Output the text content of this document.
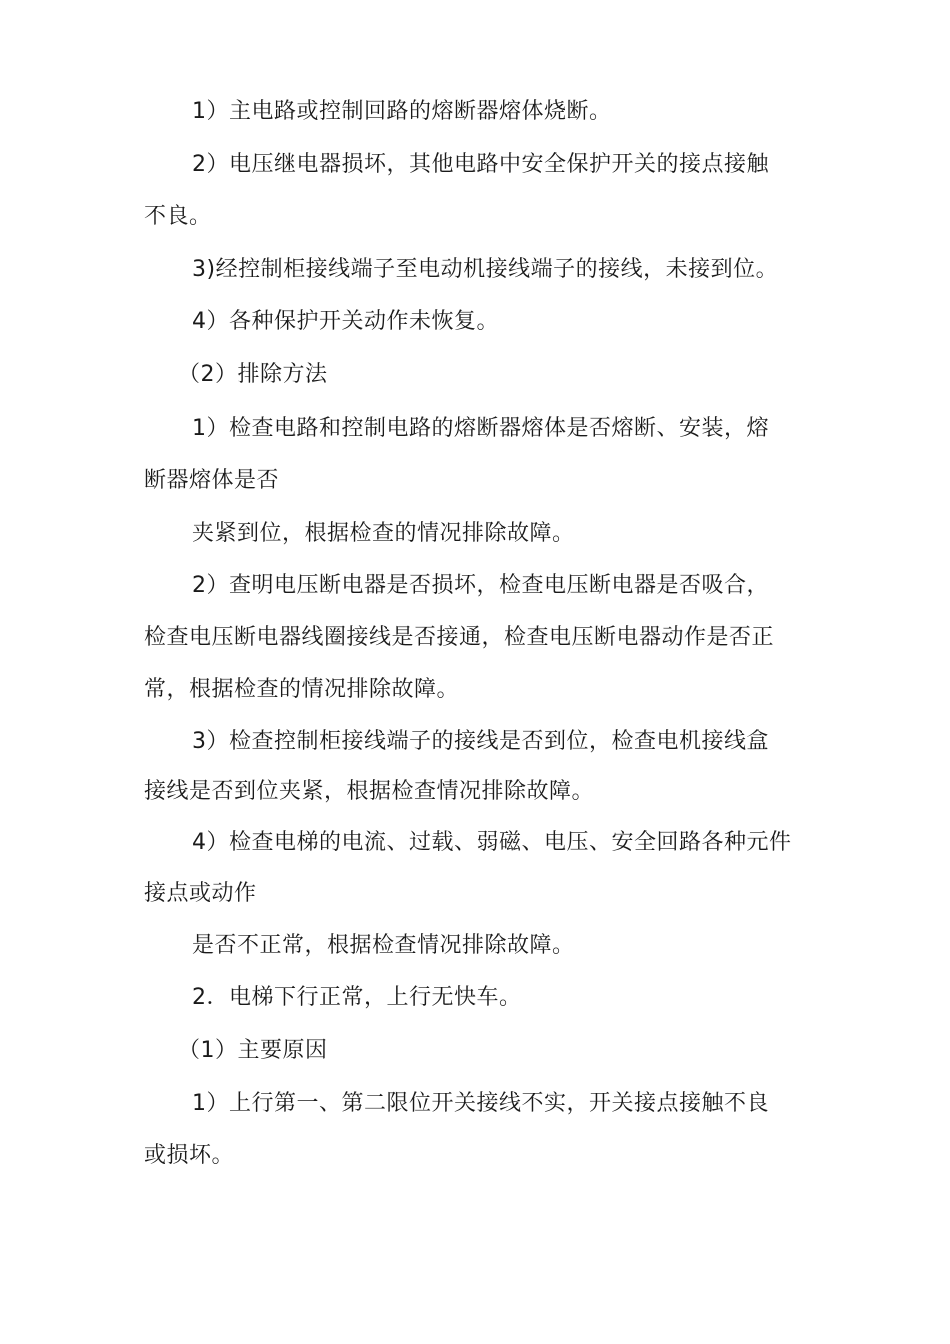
1）主电路或控制回路的熔断器熔体烧断。
2）电压继电器损坏，其他电路中安全保护开关的接点接触
不良。
3)经控制柜接线端子至电动机接线端子的接线，未接到位。
4）各种保护开关动作未恢复。
（2）排除方法
1）检查电路和控制电路的熔断器熔体是否熔断、安装，熔
断器熔体是否
夹紧到位，根据检查的情况排除故障。
2）查明电压断电器是否损坏，检查电压断电器是否吸合，
检查电压断电器线圈接线是否接通，检查电压断电器动作是否正
常，根据检查的情况排除故障。
3）检查控制柜接线端子的接线是否到位，检查电机接线盒
接线是否到位夹紧，根据检查情况排除故障。
4）检查电梯的电流、过载、弱磁、电压、安全回路各种元件
接点或动作
是否不正常，根据检查情况排除故障。
2．电梯下行正常，上行无快车。
（1）主要原因
1）上行第一、第二限位开关接线不实，开关接点接触不良
或损坏。
